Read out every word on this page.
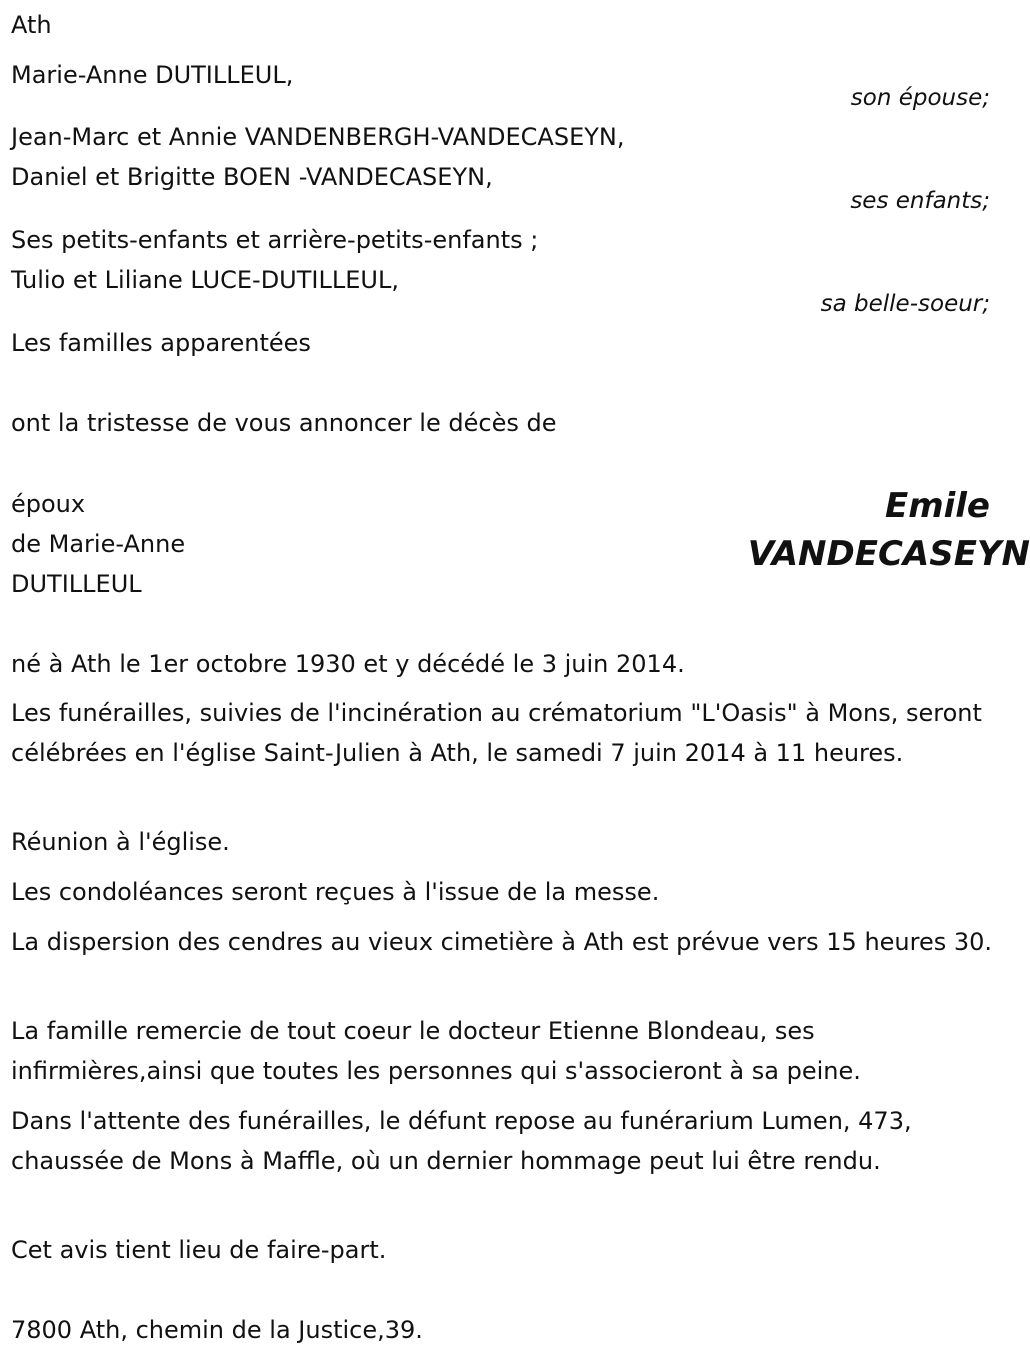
Ath
Marie-Anne DUTILLEUL,
son épouse;
Jean-Marc et Annie VANDENBERGH-VANDECASEYN,
Daniel et Brigitte BOEN -VANDECASEYN,
ses enfants;
Ses petits-enfants et arrière-petits-enfants ;
Tulio et Liliane LUCE-DUTILLEUL,
sa belle-soeur;
Les familles apparentées
ont la tristesse de vous annoncer le décès de
époux
de Marie-Anne
DUTILLEUL
Emile
VANDECASEYN
né à Ath le 1er octobre 1930 et y décédé le 3 juin 2014.
Les funérailles, suivies de l'incinération au crématorium "L'Oasis" à Mons, seront célébrées en l'église Saint-Julien à Ath, le samedi 7 juin 2014 à 11 heures.
Réunion à l'église.
Les condoléances seront reçues à l'issue de la messe.
La dispersion des cendres au vieux cimetière à Ath est prévue vers 15 heures 30.
La famille remercie de tout coeur le docteur Etienne Blondeau, ses infirmières,ainsi que toutes les personnes qui s'associeront à sa peine.
Dans l'attente des funérailles, le défunt repose au funérarium Lumen, 473, chaussée de Mons à Maffle, où un dernier hommage peut lui être rendu.
Cet avis tient lieu de faire-part.
7800 Ath, chemin de la Justice,39.
